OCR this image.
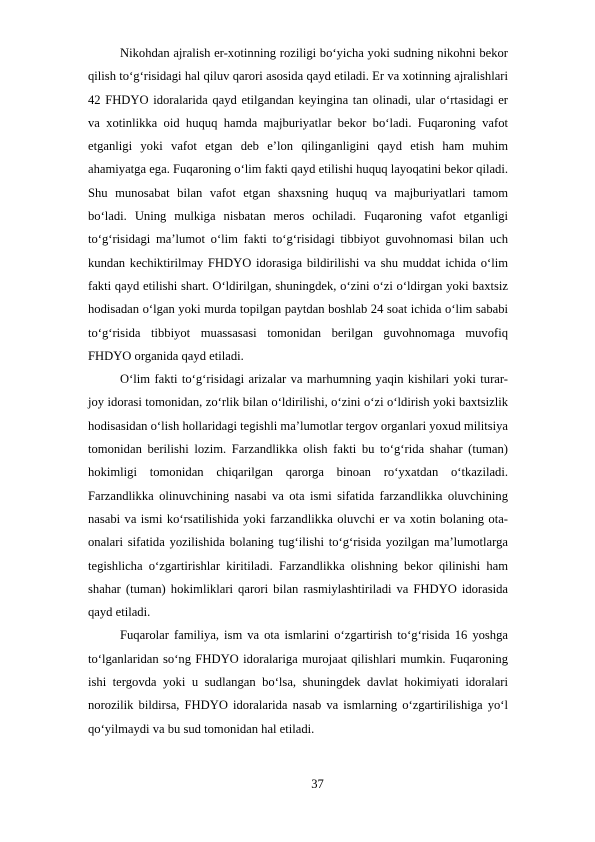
Nikohdan ajralish er-xotinning roziligi bo‘yicha yoki sudning nikohni bekor qilish to‘g‘risidagi hal qiluv qarori asosida qayd etiladi. Er va xotinning ajralishlari 42 FHDYO idoralarida qayd etilgandan keyingina tan olinadi, ular o‘rtasidagi er va xotinlikka oid huquq hamda majburiyatlar bekor bo‘ladi. Fuqaroning vafot etganligi yoki vafot etgan deb e’lon qilinganligini qayd etish ham muhim ahamiyatga ega. Fuqaroning o‘lim fakti qayd etilishi huquq layoqatini bekor qiladi. Shu munosabat bilan vafot etgan shaxsning huquq va majburiyatlari tamom bo‘ladi. Uning mulkiga nisbatan meros ochiladi. Fuqaroning vafot etganligi to‘g‘risidagi ma’lumot o‘lim fakti to‘g‘risidagi tibbiyot guvohnomasi bilan uch kundan kechiktirilmay FHDYO idorasiga bildirilishi va shu muddat ichida o‘lim fakti qayd etilishi shart. O‘ldirilgan, shuningdek, o‘zini o‘zi o‘ldirgan yoki baxtsiz hodisadan o‘lgan yoki murda topilgan paytdan boshlab 24 soat ichida o‘lim sababi to‘g‘risida tibbiyot muassasasi tomonidan berilgan guvohnomaga muvofiq FHDYO organida qayd etiladi.

O‘lim fakti to‘g‘risidagi arizalar va marhumning yaqin kishilari yoki turar-joy idorasi tomonidan, zo‘rlik bilan o‘ldirilishi, o‘zini o‘zi o‘ldirish yoki baxtsizlik hodisasidan o‘lish hollaridagi tegishli ma’lumotlar tergov organlari yoxud militsiya tomonidan berilishi lozim. Farzandlikka olish fakti bu to‘g‘rida shahar (tuman) hokimligi tomonidan chiqarilgan qarorga binoan ro‘yxatdan o‘tkaziladi. Farzandlikka olinuvchining nasabi va ota ismi sifatida farzandlikka oluvchining nasabi va ismi ko‘rsatilishida yoki farzandlikka oluvchi er va xotin bolaning ota-onalari sifatida yozilishida bolaning tug‘ilishi to‘g‘risida yozilgan ma’lumotlarga tegishlicha o‘zgartirishlar kiritiladi. Farzandlikka olishning bekor qilinishi ham shahar (tuman) hokimliklari qarori bilan rasmiylashtiriladi va FHDYO idorasida qayd etiladi.

Fuqarolar familiya, ism va ota ismlarini o‘zgartirish to‘g‘risida 16 yoshga to‘lganlaridan so‘ng FHDYO idoralariga murojaat qilishlari mumkin. Fuqaroning ishi tergovda yoki u sudlangan bo‘lsa, shuningdek davlat hokimiyati idoralari norozilik bildirsa, FHDYO idoralarida nasab va ismlarning o‘zgartirilishiga yo‘l qo‘yilmaydi va bu sud tomonidan hal etiladi.

37
